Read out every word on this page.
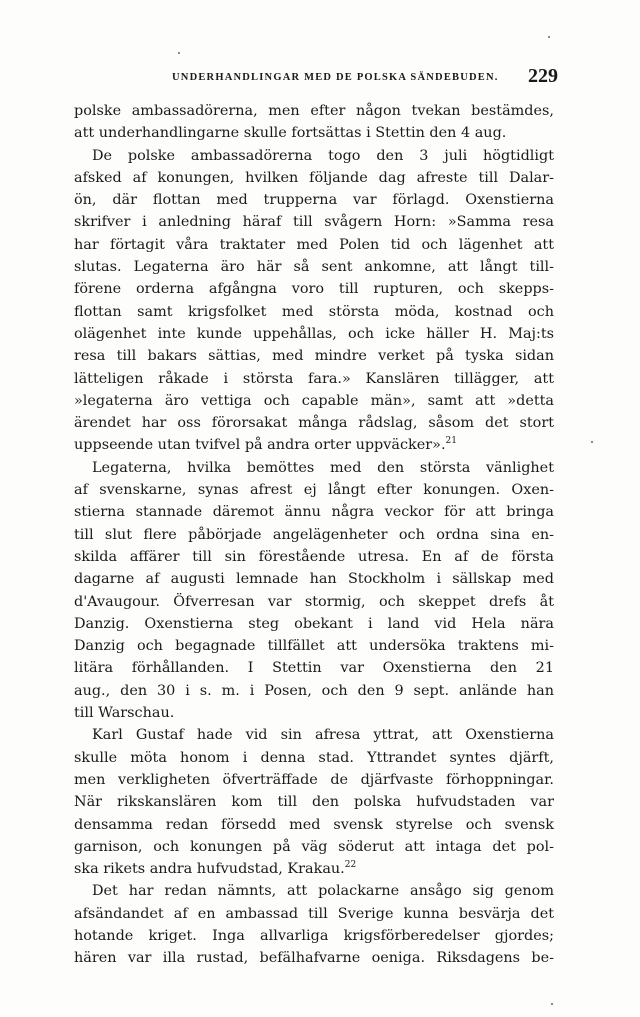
UNDERHANDLINGAR MED DE POLSKA SÄNDEBUDEN. 229
polske ambassadörerna, men efter någon tvekan bestämdes,
att underhandlingarne skulle fortsättas i Stettin den 4 aug.
De polske ambassadörerna togo den 3 juli högtidligt
afsked af konungen, hvilken följande dag afreste till Dalar-
ön, där flottan med trupperna var förlagd. Oxenstierna
skrifver i anledning häraf till svågern Horn: »Samma resa
har förtagit våra traktater med Polen tid och lägenhet att
slutas. Legaterna äro här så sent ankomne, att långt till-
förene orderna afgångna voro till rupturen, och skepps-
flottan samt krigsfolket med största möda, kostnad och
olägenhet inte kunde uppehållas, och icke häller H. Maj:ts
resa till bakars sättias, med mindre verket på tyska sidan
lätteligen råkade i största fara.» Kanslären tillägger, att
»legaterna äro vettiga och capable män», samt att »detta
ärendet har oss förorsakat många rådslag, såsom det stort
uppseende utan tvifvel på andra orter uppväcker».$^{21}$
Legaterna, hvilka bemöttes med den största vänlighet
af svenskarne, synas afrest ej långt efter konungen. Oxen-
stierna stannade däremot ännu några veckor för att bringa
till slut flere påbörjade angelägenheter och ordna sina en-
skilda affärer till sin förestående utresa. En af de första
dagarne af augusti lemnade han Stockholm i sällskap med
d'Avaugour. Öfverresan var stormig, och skeppet drefs åt
Danzig. Oxenstierna steg obekant i land vid Hela nära
Danzig och begagnade tillfället att undersöka traktens mi-
litära förhållanden. I Stettin var Oxenstierna den 21
aug., den 30 i s. m. i Posen, och den 9 sept. anlände han
till Warschau.
Karl Gustaf hade vid sin afresa yttrat, att Oxenstierna
skulle möta honom i denna stad. Yttrandet syntes djärft,
men verkligheten öfverträffade de djärfvaste förhoppningar.
När rikskanslären kom till den polska hufvudstaden var
densamma redan försedd med svensk styrelse och svensk
garnison, och konungen på väg söderut att intaga det pol-
ska rikets andra hufvudstad, Krakau.$^{22}$
Det har redan nämnts, att polackarne ansågo sig genom
afsändandet af en ambassad till Sverige kunna besvärja det
hotande kriget. Inga allvarliga krigsförberedelser gjordes;
hären var illa rustad, befälhafvarne oeniga. Riksdagens be-
